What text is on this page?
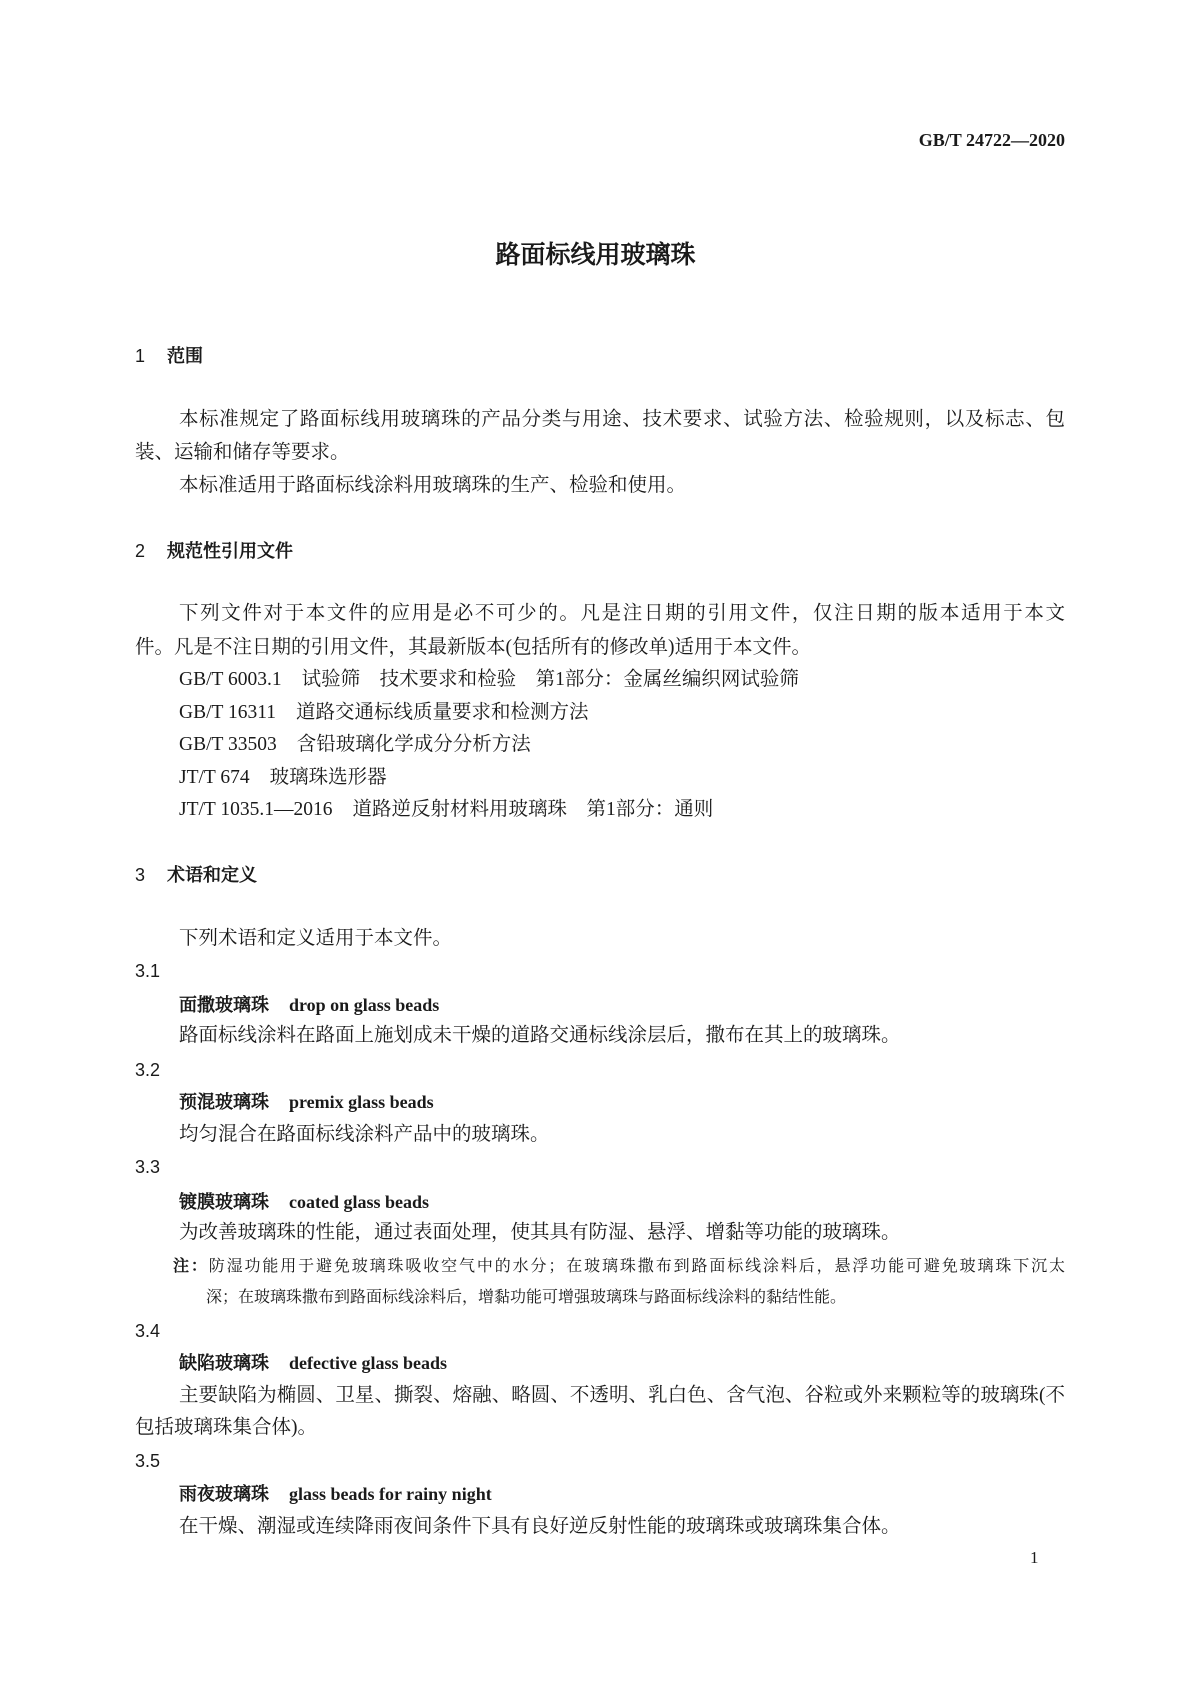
GB/T 24722—2020
路面标线用玻璃珠
1 范围
本标准规定了路面标线用玻璃珠的产品分类与用途、技术要求、试验方法、检验规则，以及标志、包
装、运输和储存等要求。
本标准适用于路面标线涂料用玻璃珠的生产、检验和使用。
2 规范性引用文件
下列文件对于本文件的应用是必不可少的。凡是注日期的引用文件，仅注日期的版本适用于本文
件。凡是不注日期的引用文件，其最新版本(包括所有的修改单)适用于本文件。
GB/T 6003.1 试验筛　技术要求和检验　第1部分：金属丝编织网试验筛
GB/T 16311 道路交通标线质量要求和检测方法
GB/T 33503 含铅玻璃化学成分分析方法
JT/T 674 玻璃珠选形器
JT/T 1035.1—2016 道路逆反射材料用玻璃珠　第1部分：通则
3 术语和定义
下列术语和定义适用于本文件。
3.1
面撒玻璃珠 drop on glass beads
路面标线涂料在路面上施划成未干燥的道路交通标线涂层后，撒布在其上的玻璃珠。
3.2
预混玻璃珠 premix glass beads
均匀混合在路面标线涂料产品中的玻璃珠。
3.3
镀膜玻璃珠 coated glass beads
为改善玻璃珠的性能，通过表面处理，使其具有防湿、悬浮、增黏等功能的玻璃珠。
注：防湿功能用于避免玻璃珠吸收空气中的水分；在玻璃珠撒布到路面标线涂料后，悬浮功能可避免玻璃珠下沉太
深；在玻璃珠撒布到路面标线涂料后，增黏功能可增强玻璃珠与路面标线涂料的黏结性能。
3.4
缺陷玻璃珠 defective glass beads
主要缺陷为椭圆、卫星、撕裂、熔融、略圆、不透明、乳白色、含气泡、谷粒或外来颗粒等的玻璃珠(不
包括玻璃珠集合体)。
3.5
雨夜玻璃珠 glass beads for rainy night
在干燥、潮湿或连续降雨夜间条件下具有良好逆反射性能的玻璃珠或玻璃珠集合体。
1
